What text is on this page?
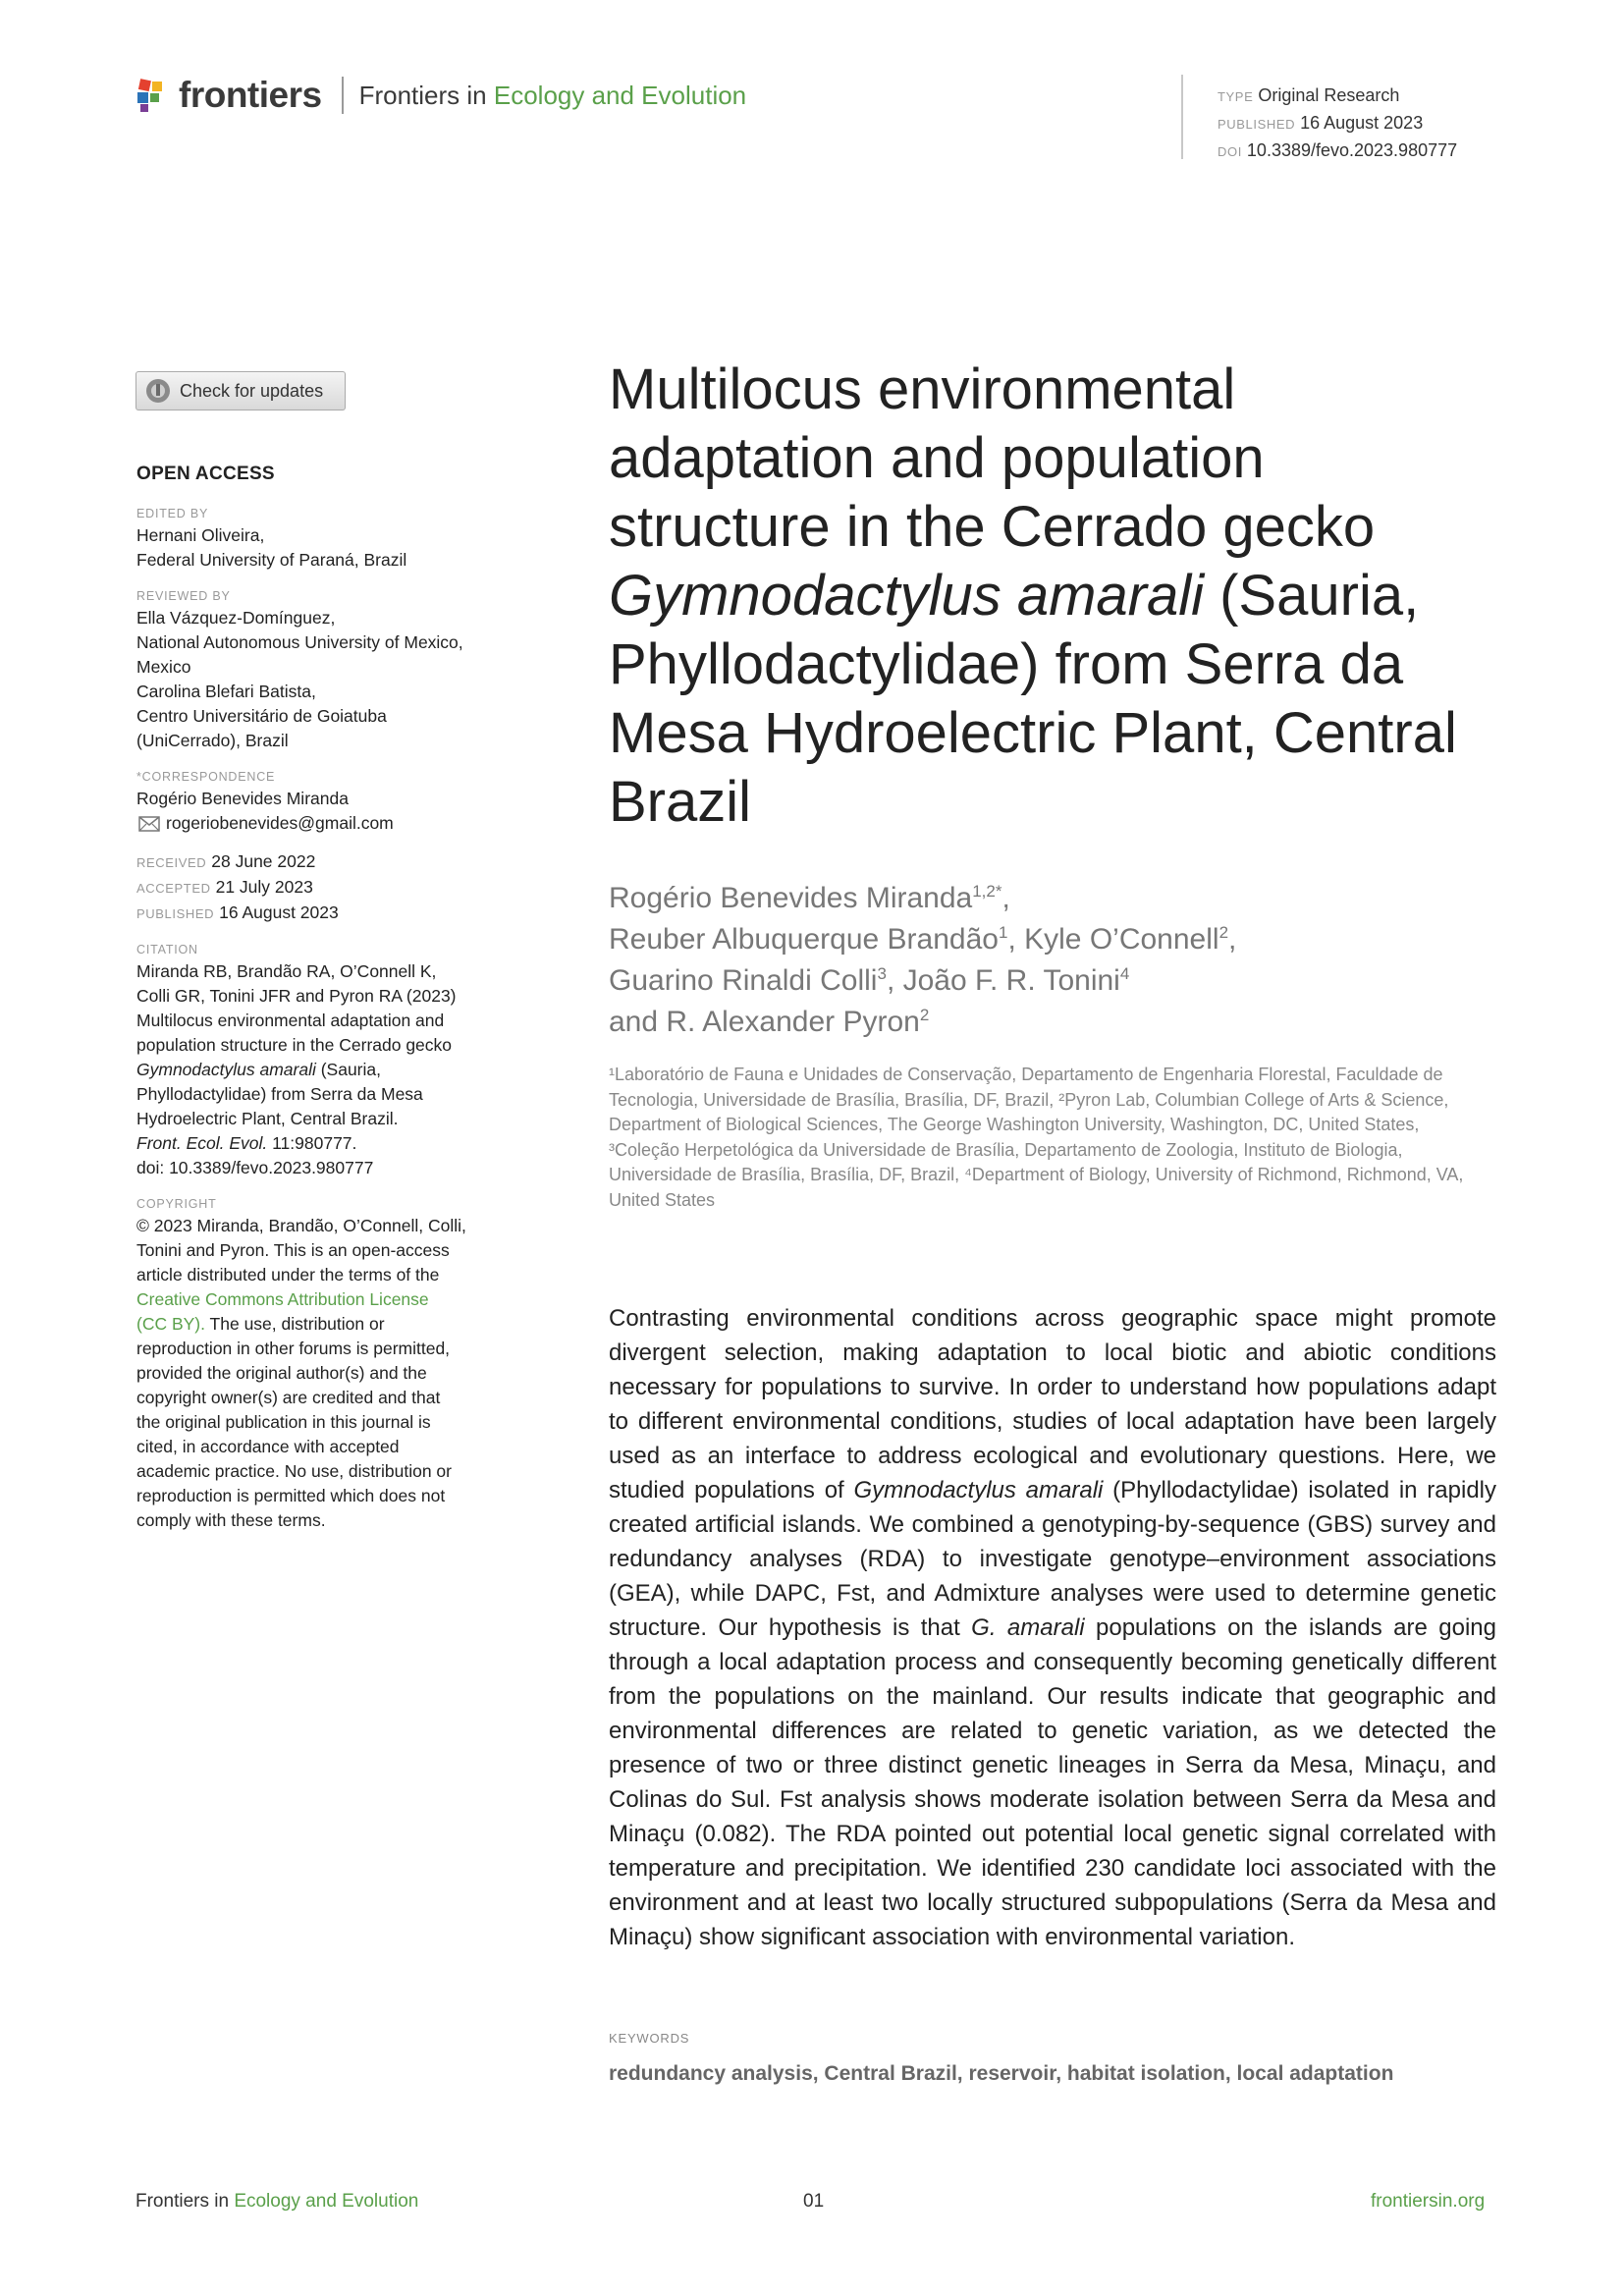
frontiers Frontiers in Ecology and Evolution	TYPE Original Research
PUBLISHED 16 August 2023
DOI 10.3389/fevo.2023.980777
Check for updates
OPEN ACCESS
EDITED BY
Hernani Oliveira,
Federal University of Paraná, Brazil
REVIEWED BY
Ella Vázquez-Domínguez,
National Autonomous University of Mexico,
Mexico
Carolina Blefari Batista,
Centro Universitário de Goiatuba
(UniCerrado), Brazil
*CORRESPONDENCE
Rogério Benevides Miranda
rogeriobenevides@gmail.com
RECEIVED 28 June 2022
ACCEPTED 21 July 2023
PUBLISHED 16 August 2023
CITATION
Miranda RB, Brandão RA, O’Connell K,
Colli GR, Tonini JFR and Pyron RA (2023)
Multilocus environmental adaptation and
population structure in the Cerrado gecko
Gymnodactylus amarali (Sauria,
Phyllodactylidae) from Serra da Mesa
Hydroelectric Plant, Central Brazil.
Front. Ecol. Evol. 11:980777.
doi: 10.3389/fevo.2023.980777
COPYRIGHT
© 2023 Miranda, Brandão, O’Connell, Colli,
Tonini and Pyron. This is an open-access
article distributed under the terms of the
Creative Commons Attribution License
(CC BY). The use, distribution or
reproduction in other forums is permitted,
provided the original author(s) and the
copyright owner(s) are credited and that
the original publication in this journal is
cited, in accordance with accepted
academic practice. No use, distribution or
reproduction is permitted which does not
comply with these terms.
Multilocus environmental adaptation and population structure in the Cerrado gecko Gymnodactylus amarali (Sauria, Phyllodactylidae) from Serra da Mesa Hydroelectric Plant, Central Brazil
Rogério Benevides Miranda$^{1,2*}$,
Reuber Albuquerque Brandão$^1$, Kyle O’Connell$^2$,
Guarino Rinaldi Colli$^3$, João F. R. Tonini$^4$
and R. Alexander Pyron$^2$
¹Laboratório de Fauna e Unidades de Conservação, Departamento de Engenharia Florestal, Faculdade de Tecnologia, Universidade de Brasília, Brasília, DF, Brazil, ²Pyron Lab, Columbian College of Arts & Science, Department of Biological Sciences, The George Washington University, Washington, DC, United States, ³Coleção Herpetológica da Universidade de Brasília, Departamento de Zoologia, Instituto de Biologia, Universidade de Brasília, Brasília, DF, Brazil, ⁴Department of Biology, University of Richmond, Richmond, VA, United States

Contrasting environmental conditions across geographic space might promote divergent selection, making adaptation to local biotic and abiotic conditions necessary for populations to survive. In order to understand how populations adapt to different environmental conditions, studies of local adaptation have been largely used as an interface to address ecological and evolutionary questions. Here, we studied populations of Gymnodactylus amarali (Phyllodactylidae) isolated in rapidly created artificial islands. We combined a genotyping-by-sequence (GBS) survey and redundancy analyses (RDA) to investigate genotype–environment associations (GEA), while DAPC, Fst, and Admixture analyses were used to determine genetic structure. Our hypothesis is that G. amarali populations on the islands are going through a local adaptation process and consequently becoming genetically different from the populations on the mainland. Our results indicate that geographic and environmental differences are related to genetic variation, as we detected the presence of two or three distinct genetic lineages in Serra da Mesa, Minaçu, and Colinas do Sul. Fst analysis shows moderate isolation between Serra da Mesa and Minaçu (0.082). The RDA pointed out potential local genetic signal correlated with temperature and precipitation. We identified 230 candidate loci associated with the environment and at least two locally structured subpopulations (Serra da Mesa and Minaçu) show significant association with environmental variation.

KEYWORDS
redundancy analysis, Central Brazil, reservoir, habitat isolation, local adaptation
Frontiers in Ecology and Evolution	01	frontiersin.org
